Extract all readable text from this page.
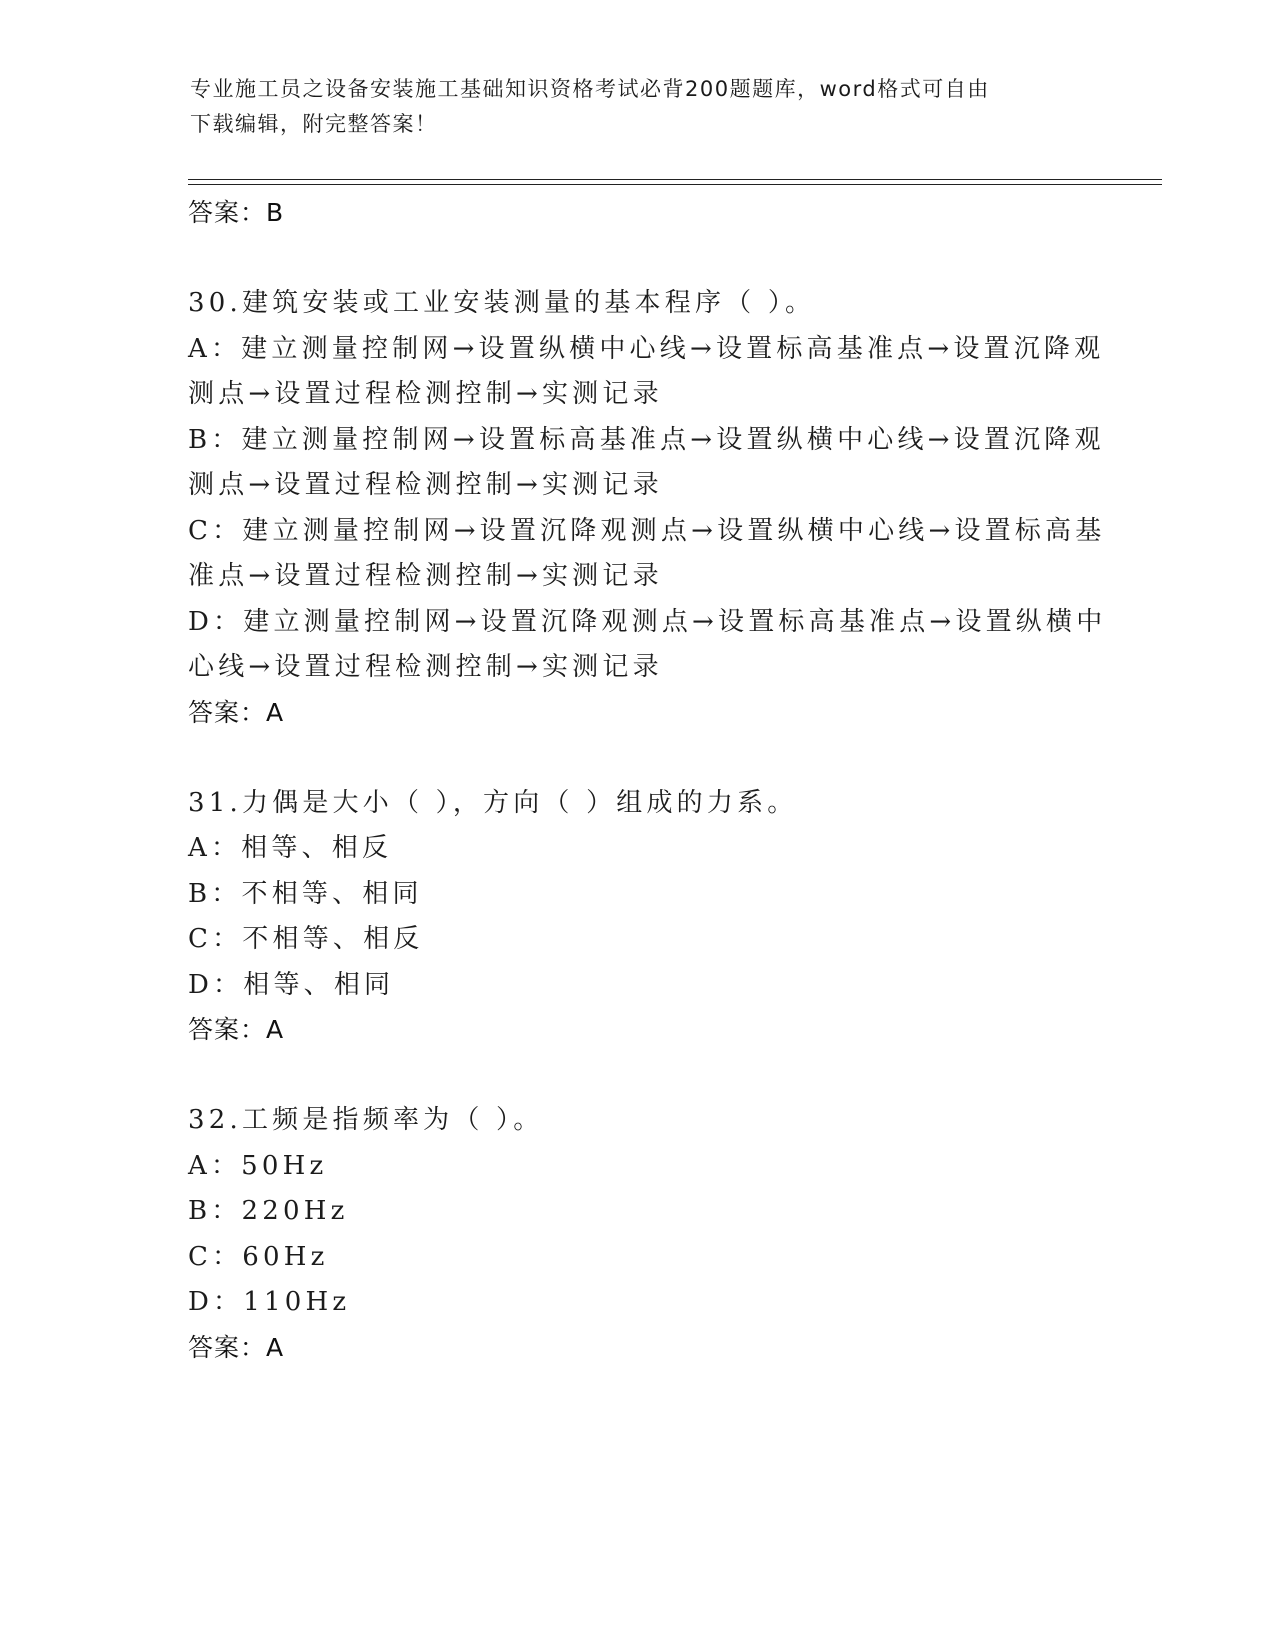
专业施工员之设备安装施工基础知识资格考试必背200题题库，word格式可自由
下载编辑，附完整答案！
答案：B
30.建筑安装或工业安装测量的基本程序（ ）。
A：建立测量控制网→设置纵横中心线→设置标高基准点→设置沉降观
测点→设置过程检测控制→实测记录
B：建立测量控制网→设置标高基准点→设置纵横中心线→设置沉降观
测点→设置过程检测控制→实测记录
C：建立测量控制网→设置沉降观测点→设置纵横中心线→设置标高基
准点→设置过程检测控制→实测记录
D：建立测量控制网→设置沉降观测点→设置标高基准点→设置纵横中
心线→设置过程检测控制→实测记录
答案：A
31.力偶是大小（ ），方向（ ）组成的力系。
A：相等、相反
B：不相等、相同
C：不相等、相反
D：相等、相同
答案：A
32.工频是指频率为（ ）。
A：50Hz
B：220Hz
C：60Hz
D：110Hz
答案：A
